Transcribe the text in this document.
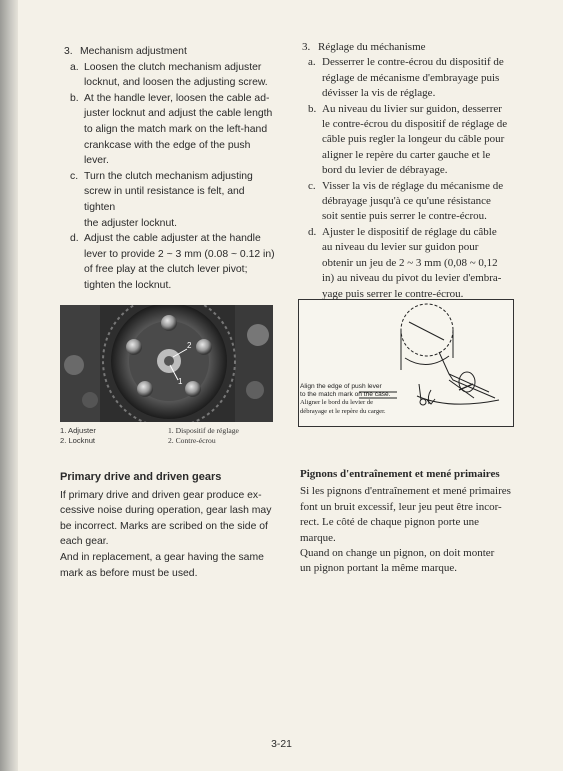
3. Mechanism adjustment
a. Loosen the clutch mechanism adjuster
locknut, and loosen the adjusting screw.
b. At the handle lever, loosen the cable ad-
juster locknut and adjust the cable length
to align the match mark on the left-hand
crankcase with the edge of the push lever.
c. Turn the clutch mechanism adjusting
screw in until resistance is felt, and tighten
the adjuster locknut.
d. Adjust the cable adjuster at the handle
lever to provide 2 ~ 3 mm (0.08 ~ 0.12 in)
of free play at the clutch lever pivot;
tighten the locknut.
3. Réglage du méchanisme
a. Desserrer le contre-écrou du dispositif de
réglage de mécanisme d'embrayage puis
dévisser la vis de réglage.
b. Au niveau du livier sur guidon, desserrer
le contre-écrou du dispositif de réglage de
câble puis regler la longeur du câble pour
aligner le repère du carter gauche et le
bord du levier de débrayage.
c. Visser la vis de réglage du mécanisme de
débrayage jusqu'à ce qu'une résistance
soit sentie puis serrer le contre-écrou.
d. Ajuster le dispositif de réglage du câble
au niveau du levier sur guidon pour
obtenir un jeu de 2 ~ 3 mm (0,08 ~ 0,12
in) au niveau du pivot du levier d'embra-
yage puis serrer le contre-écrou.
1
2
1. Adjuster
2. Locknut
1. Dispositif de réglage
2. Contre-écrou
Align the edge of push lever
to the match mark on the case.
Aligner le bord du levier de
débrayage et le repère du carger.
Primary drive and driven gears
If primary drive and driven gear produce ex-
cessive noise during operation, gear lash may
be incorrect. Marks are scribed on the side of
each gear.
And in replacement, a gear having the same
mark as before must be used.
Pignons d'entraînement et mené primaires
Si les pignons d'entraînement et mené primaires
font un bruit excessif, leur jeu peut être incor-
rect. Le côté de chaque pignon porte une
marque.
Quand on change un pignon, on doit monter
un pignon portant la même marque.
3-21
